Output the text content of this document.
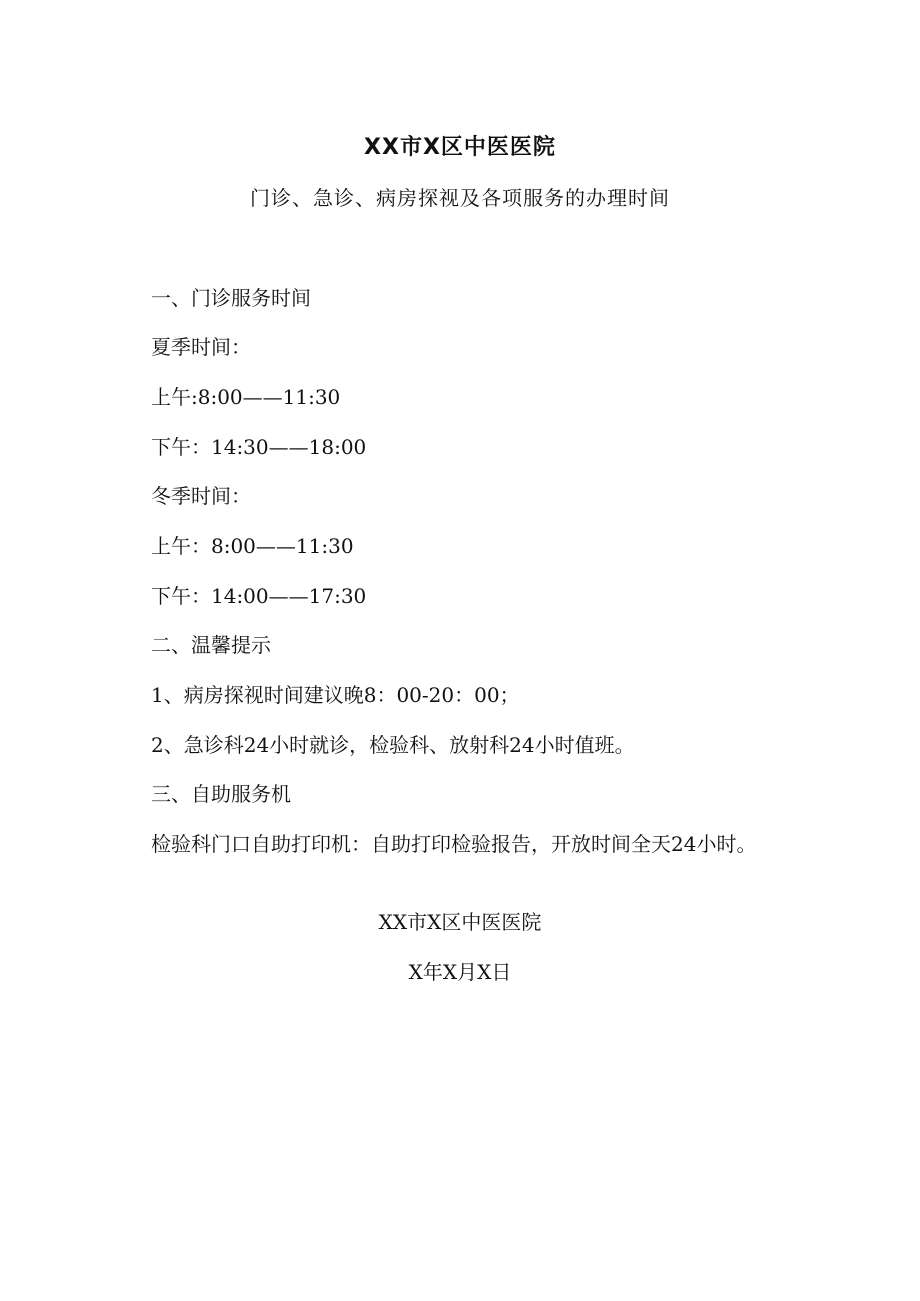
XX市X区中医医院
门诊、急诊、病房探视及各项服务的办理时间
一、门诊服务时间
夏季时间：
上午:8:00——11:30
下午：14:30——18:00
冬季时间：
上午：8:00——11:30
下午：14:00——17:30
二、温馨提示
1、病房探视时间建议晚8：00-20：00；
2、急诊科24小时就诊，检验科、放射科24小时值班。
三、自助服务机
检验科门口自助打印机：自助打印检验报告，开放时间全天24小时。
XX市X区中医医院
X年X月X日
